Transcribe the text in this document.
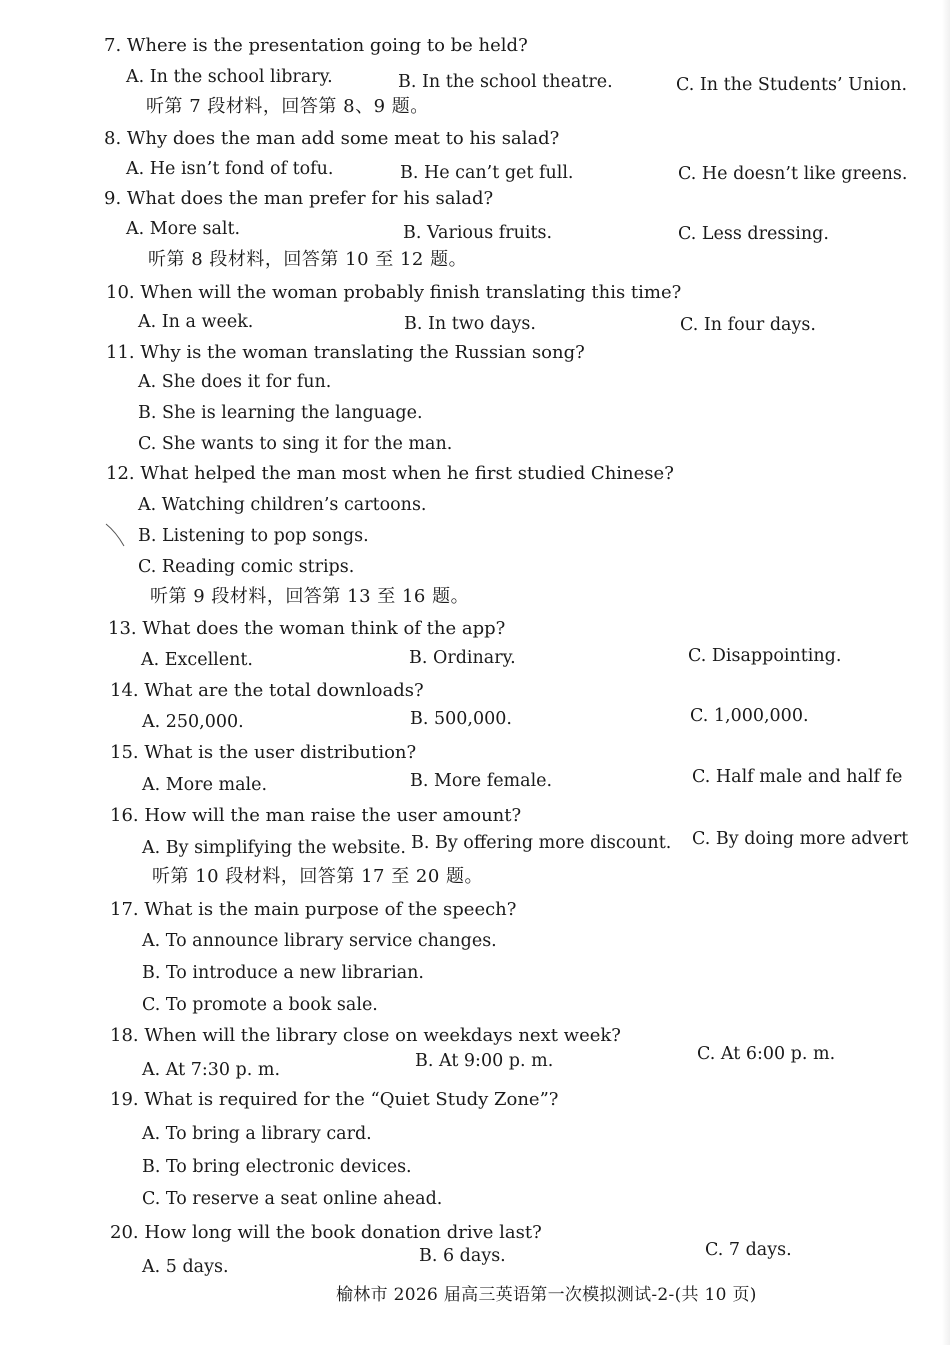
7. Where is the presentation going to be held?
A. In the school library.	B. In the school theatre.	C. In the Students’ Union.
听第 7 段材料，回答第 8、9 题。
8. Why does the man add some meat to his salad?
A. He isn’t fond of tofu.	B. He can’t get full.	C. He doesn’t like greens.
9. What does the man prefer for his salad?
A. More salt.	B. Various fruits.	C. Less dressing.
听第 8 段材料，回答第 10 至 12 题。
10. When will the woman probably finish translating this time?
A. In a week.	B. In two days.	C. In four days.
11. Why is the woman translating the Russian song?
A. She does it for fun.
B. She is learning the language.
C. She wants to sing it for the man.
12. What helped the man most when he first studied Chinese?
A. Watching children’s cartoons.
B. Listening to pop songs.
C. Reading comic strips.
听第 9 段材料，回答第 13 至 16 题。
13. What does the woman think of the app?
A. Excellent.	B. Ordinary.	C. Disappointing.
14. What are the total downloads?
A. 250,000.	B. 500,000.	C. 1,000,000.
15. What is the user distribution?
A. More male.	B. More female.	C. Half male and half fe
16. How will the man raise the user amount?
A. By simplifying the website. B. By offering more discount. C. By doing more advert
听第 10 段材料，回答第 17 至 20 题。
17. What is the main purpose of the speech?
A. To announce library service changes.
B. To introduce a new librarian.
C. To promote a book sale.
18. When will the library close on weekdays next week?
A. At 7:30 p. m.	B. At 9:00 p. m.	C. At 6:00 p. m.
19. What is required for the “Quiet Study Zone”?
A. To bring a library card.
B. To bring electronic devices.
C. To reserve a seat online ahead.
20. How long will the book donation drive last?
A. 5 days.
B. 6 days.	C. 7 days.
榆林市 2026 届高三英语第一次模拟测试-2-(共 10 页)
